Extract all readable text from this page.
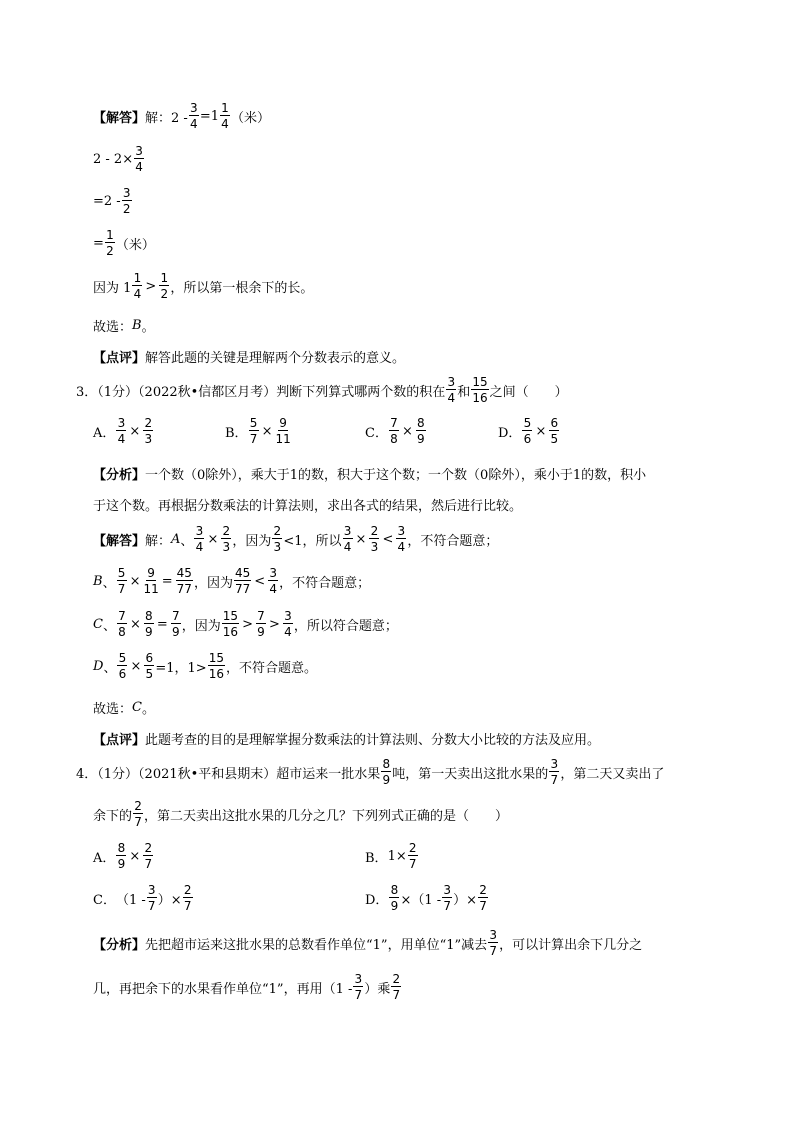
【解答】 解：$2 - \frac{3}{4} =1 \frac{1}{4}$ （米）
$2 - 2\times \frac{3}{4}$
$=2 - \frac{3}{2}$
= $\frac{1}{2}$ （米）
因为 $1 \frac{1}{4} > \frac{1}{2}$ ，所以第一根余下的长。
故选： B 。
【点评】 解答此题的关键是理解两个分数表示的意义。
3．（1分）（2022秋•信都区月考）判断下列算式哪两个数的积在 $\frac{3}{4}$ 和 $\frac{15}{16}$ 之间（　　）
A． $\frac{3}{4} \times \frac{2}{3}$	B． $\frac{5}{7} \times \frac{9}{11}$	C． $\frac{7}{8} \times \frac{8}{9}$	D． $\frac{5}{6} \times \frac{6}{5}$
【分析】 一个数（0除外），乘大于1的数，积大于这个数；一个数（0除外），乘小于1的数，积小
于这个数。再根据分数乘法的计算法则，求出各式的结果，然后进行比较。
【解答】 解： A 、 $\frac{3}{4} \times \frac{2}{3}$ ，因为 $\frac{2}{3} <1$，所以 $\frac{3}{4} \times \frac{2}{3} < \frac{3}{4}$ ，不符合题意；
B 、 $\frac{5}{7} \times \frac{9}{11} = \frac{45}{77}$ ，因为 $\frac{45}{77} < \frac{3}{4}$ ，不符合题意；
C 、 $\frac{7}{8} \times \frac{8}{9} = \frac{7}{9}$ ，因为 $\frac{15}{16} > \frac{7}{9} > \frac{3}{4}$ ，所以符合题意；
D 、 $\frac{5}{6} \times \frac{6}{5} =1$，$1> \frac{15}{16}$ ，不符合题意。
故选： C 。
【点评】 此题考查的目的是理解掌握分数乘法的计算法则、分数大小比较的方法及应用。
4．（1分）（2021秋•平和县期末）超市运来一批水果 $\frac{8}{9}$ 吨，第一天卖出这批水果的 $\frac{3}{7}$ ，第二天又卖出了
余下的 $\frac{2}{7}$ ，第二天卖出这批水果的几分之几？下列列式正确的是（　　）
A． $\frac{8}{9} \times \frac{2}{7}$	B． $1\times \frac{2}{7}$
C． （$1 - \frac{3}{7}$ ）× $\frac{2}{7}$	D． $\frac{8}{9} \times(1 - \frac{3}{7}$ ）× $\frac{2}{7}$
【分析】 先把超市运来这批水果的总数看作单位“1”，用单位“1”减去 $\frac{3}{7}$ ，可以计算出余下几分之
几，再把余下的水果看作单位“1”，再用（$1 - \frac{3}{7}$ ）乘 $\frac{2}{7}$
